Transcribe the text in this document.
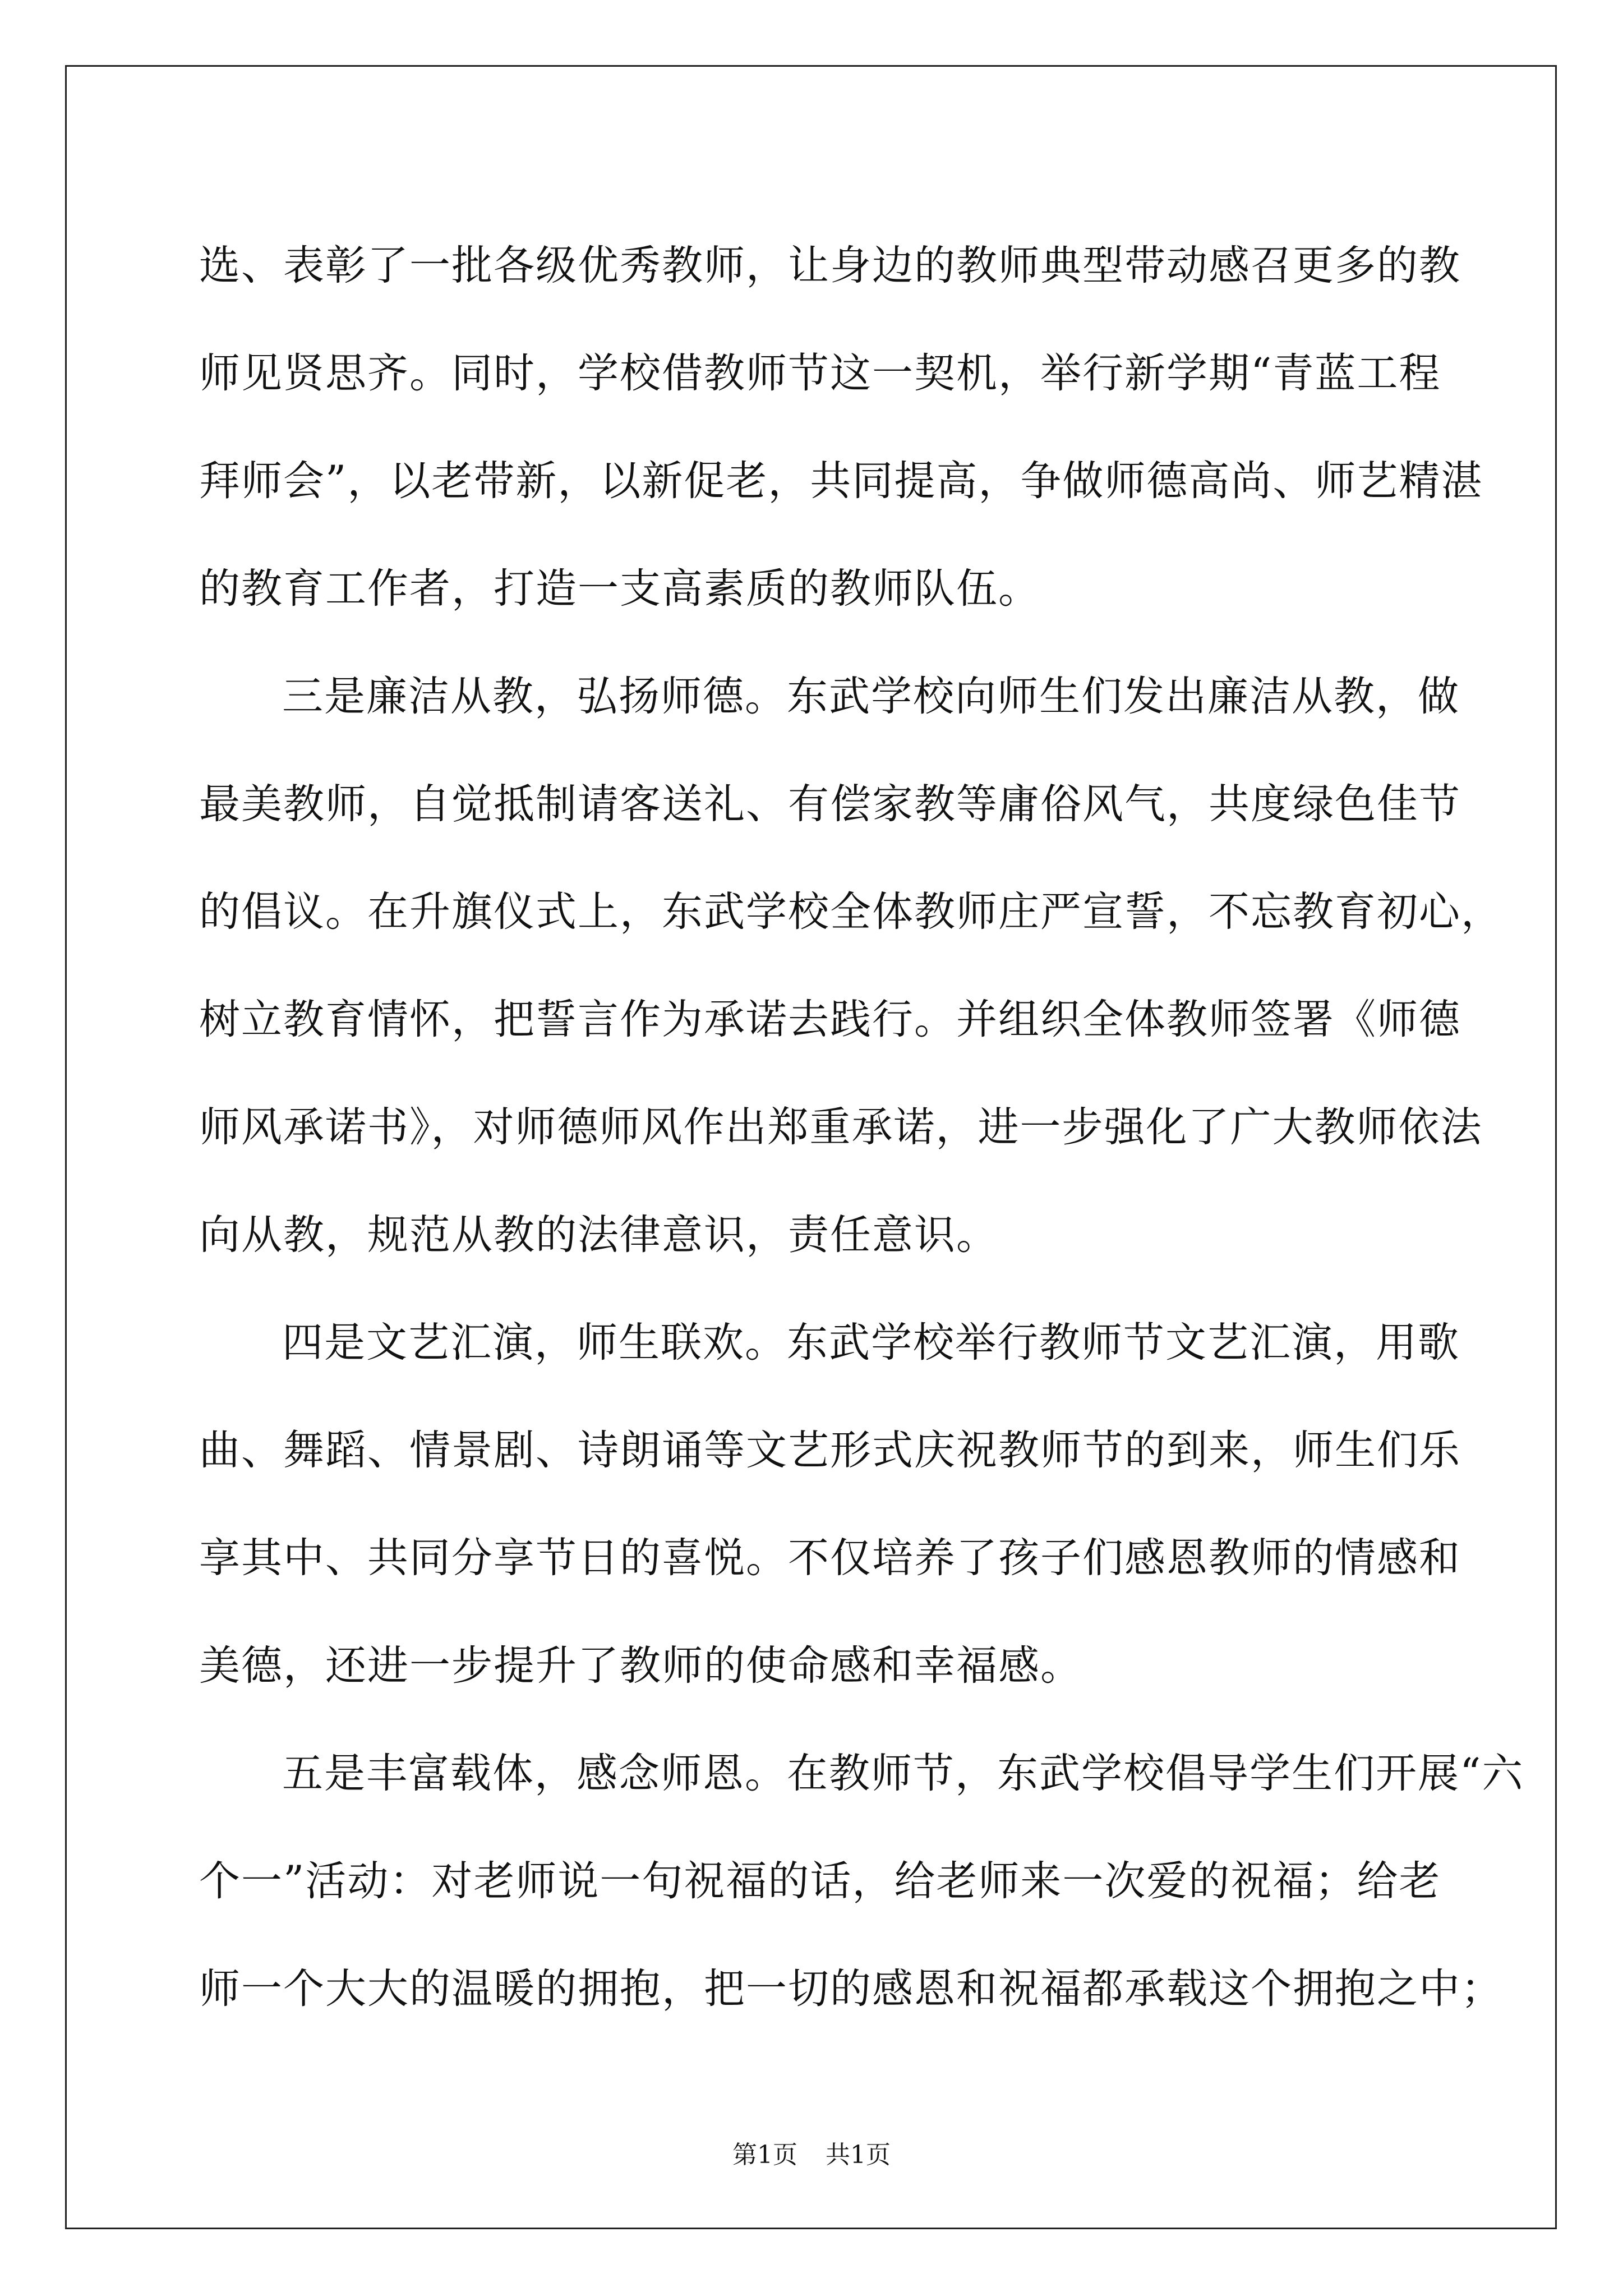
选、表彰了一批各级优秀教师，让身边的教师典型带动感召更多的教
师见贤思齐。同时，学校借教师节这一契机，举行新学期“青蓝工程
拜师会”，以老带新，以新促老，共同提高，争做师德高尚、师艺精湛
的教育工作者，打造一支高素质的教师队伍。
三是廉洁从教，弘扬师德。东武学校向师生们发出廉洁从教，做
最美教师，自觉抵制请客送礼、有偿家教等庸俗风气，共度绿色佳节
的倡议。在升旗仪式上，东武学校全体教师庄严宣誓，不忘教育初心，
树立教育情怀，把誓言作为承诺去践行。并组织全体教师签署《师德
师风承诺书》，对师德师风作出郑重承诺，进一步强化了广大教师依法
向从教，规范从教的法律意识，责任意识。
四是文艺汇演，师生联欢。东武学校举行教师节文艺汇演，用歌
曲、舞蹈、情景剧、诗朗诵等文艺形式庆祝教师节的到来，师生们乐
享其中、共同分享节日的喜悦。不仅培养了孩子们感恩教师的情感和
美德，还进一步提升了教师的使命感和幸福感。
五是丰富载体，感念师恩。在教师节，东武学校倡导学生们开展“六
个一”活动：对老师说一句祝福的话，给老师来一次爱的祝福；给老
师一个大大的温暖的拥抱，把一切的感恩和祝福都承载这个拥抱之中；
第1页 共1页
